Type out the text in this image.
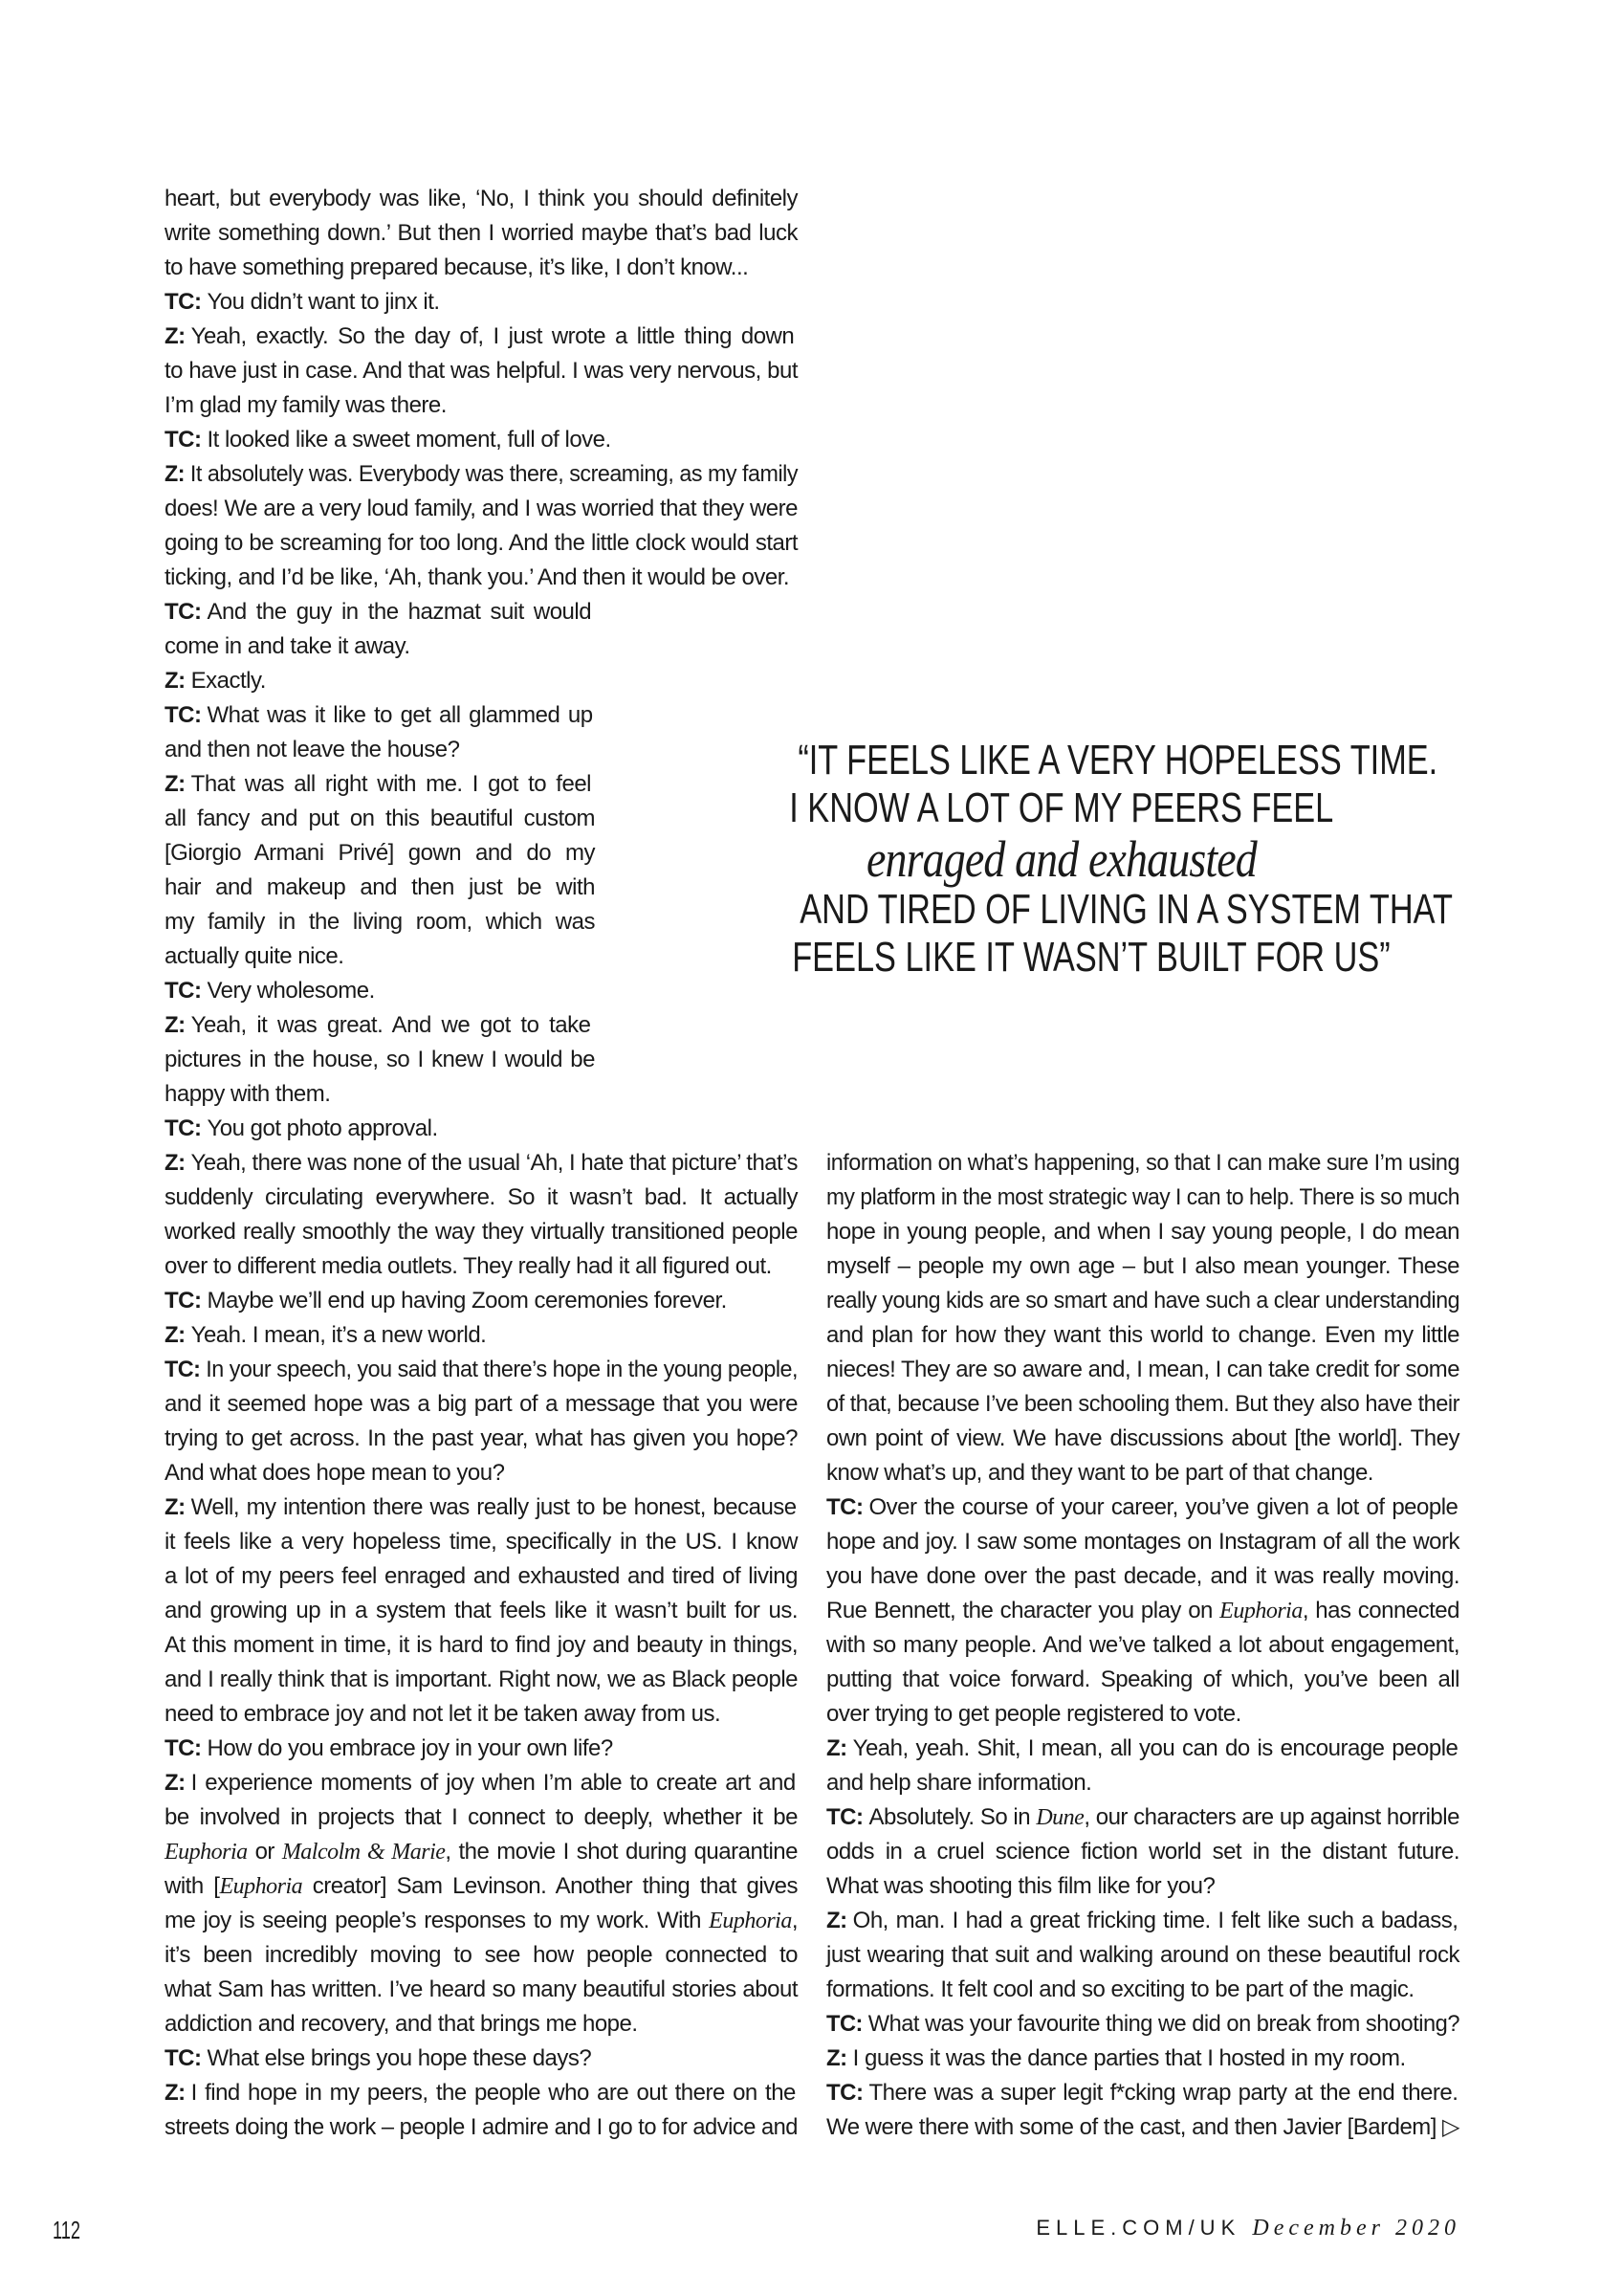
heart, but everybody was like, ‘No, I think you should definitely
write something down.’ But then I worried maybe that’s bad luck
to have something prepared because, it’s like, I don’t know...
TC: You didn’t want to jinx it.
Z: Yeah, exactly. So the day of, I just wrote a little thing down
to have just in case. And that was helpful. I was very nervous, but
I’m glad my family was there.
TC: It looked like a sweet moment, full of love.
Z: It absolutely was. Everybody was there, screaming, as my family
does! We are a very loud family, and I was worried that they were
going to be screaming for too long. And the little clock would start
ticking, and I’d be like, ‘Ah, thank you.’ And then it would be over.
TC: And the guy in the hazmat suit would
come in and take it away.
Z: Exactly.
TC: What was it like to get all glammed up
and then not leave the house?
Z: That was all right with me. I got to feel
all fancy and put on this beautiful custom
[Giorgio Armani Privé] gown and do my
hair and makeup and then just be with
my family in the living room, which was
actually quite nice.
TC: Very wholesome.
Z: Yeah, it was great. And we got to take
pictures in the house, so I knew I would be
happy with them.
TC: You got photo approval.
Z: Yeah, there was none of the usual ‘Ah, I hate that picture’ that’s
suddenly circulating everywhere. So it wasn’t bad. It actually
worked really smoothly the way they virtually transitioned people
over to different media outlets. They really had it all figured out.
TC: Maybe we’ll end up having Zoom ceremonies forever.
Z: Yeah. I mean, it’s a new world.
TC: In your speech, you said that there’s hope in the young people,
and it seemed hope was a big part of a message that you were
trying to get across. In the past year, what has given you hope?
And what does hope mean to you?
Z: Well, my intention there was really just to be honest, because
it feels like a very hopeless time, specifically in the US. I know
a lot of my peers feel enraged and exhausted and tired of living
and growing up in a system that feels like it wasn’t built for us.
At this moment in time, it is hard to find joy and beauty in things,
and I really think that is important. Right now, we as Black people
need to embrace joy and not let it be taken away from us.
TC: How do you embrace joy in your own life?
Z: I experience moments of joy when I’m able to create art and
be involved in projects that I connect to deeply, whether it be
Euphoria or Malcolm & Marie, the movie I shot during quarantine
with [Euphoria creator] Sam Levinson. Another thing that gives
me joy is seeing people’s responses to my work. With Euphoria,
it’s been incredibly moving to see how people connected to
what Sam has written. I’ve heard so many beautiful stories about
addiction and recovery, and that brings me hope.
TC: What else brings you hope these days?
Z: I find hope in my peers, the people who are out there on the
streets doing the work – people I admire and I go to for advice and
information on what’s happening, so that I can make sure I’m using
my platform in the most strategic way I can to help. There is so much
hope in young people, and when I say young people, I do mean
myself – people my own age – but I also mean younger. These
really young kids are so smart and have such a clear understanding
and plan for how they want this world to change. Even my little
nieces! They are so aware and, I mean, I can take credit for some
of that, because I’ve been schooling them. But they also have their
own point of view. We have discussions about [the world]. They
know what’s up, and they want to be part of that change.
TC: Over the course of your career, you’ve given a lot of people
hope and joy. I saw some montages on Instagram of all the work
you have done over the past decade, and it was really moving.
Rue Bennett, the character you play on Euphoria, has connected
with so many people. And we’ve talked a lot about engagement,
putting that voice forward. Speaking of which, you’ve been all
over trying to get people registered to vote.
Z: Yeah, yeah. Shit, I mean, all you can do is encourage people
and help share information.
TC: Absolutely. So in Dune, our characters are up against horrible
odds in a cruel science fiction world set in the distant future.
What was shooting this film like for you?
Z: Oh, man. I had a great fricking time. I felt like such a badass,
just wearing that suit and walking around on these beautiful rock
formations. It felt cool and so exciting to be part of the magic.
TC: What was your favourite thing we did on break from shooting?
Z: I guess it was the dance parties that I hosted in my room.
TC: There was a super legit f*cking wrap party at the end there.
We were there with some of the cast, and then Javier [Bardem] ▷
“IT FEELS LIKE A VERY HOPELESS TIME.
I KNOW A LOT OF MY PEERS FEEL
enraged and exhausted
AND TIRED OF LIVING IN A SYSTEM THAT
FEELS LIKE IT WASN’T BUILT FOR US”
112	ELLE.COM/UK December 2020
